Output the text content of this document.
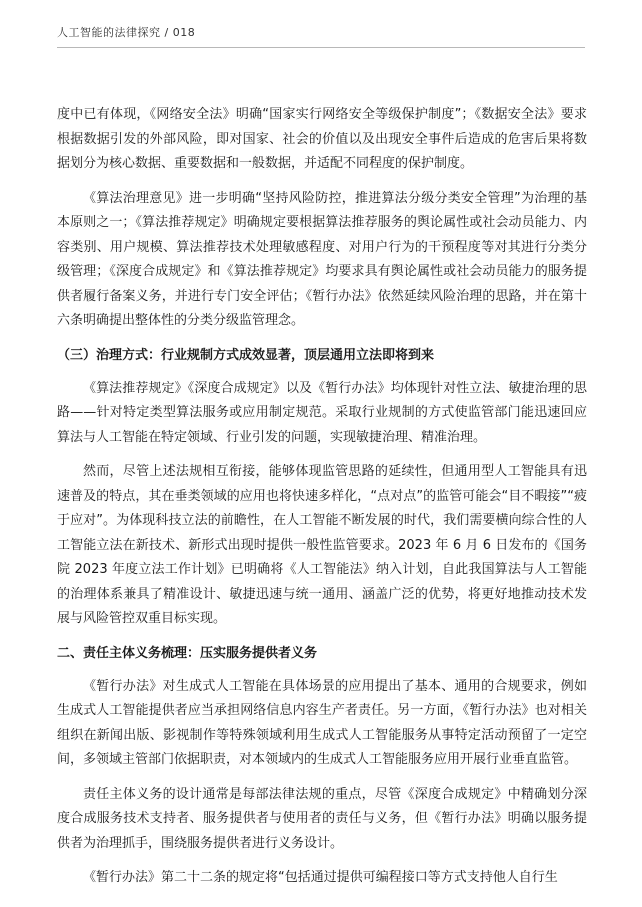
人工智能的法律探究 / 018

度中已有体现，《网络安全法》明确“国家实行网络安全等级保护制度”；《数据安全法》要求根据数据引发的外部风险，即对国家、社会的价值以及出现安全事件后造成的危害后果将数据划分为核心数据、重要数据和一般数据，并适配不同程度的保护制度。

《算法治理意见》进一步明确“坚持风险防控，推进算法分级分类安全管理”为治理的基本原则之一；《算法推荐规定》明确规定要根据算法推荐服务的舆论属性或社会动员能力、内容类别、用户规模、算法推荐技术处理敏感程度、对用户行为的干预程度等对其进行分类分级管理；《深度合成规定》和《算法推荐规定》均要求具有舆论属性或社会动员能力的服务提供者履行备案义务，并进行专门安全评估；《暂行办法》依然延续风险治理的思路，并在第十六条明确提出整体性的分类分级监管理念。

（三）治理方式：行业规制方式成效显著，顶层通用立法即将到来

《算法推荐规定》《深度合成规定》以及《暂行办法》均体现针对性立法、敏捷治理的思路——针对特定类型算法服务或应用制定规范。采取行业规制的方式使监管部门能迅速回应算法与人工智能在特定领域、行业引发的问题，实现敏捷治理、精准治理。

然而，尽管上述法规相互衔接，能够体现监管思路的延续性，但通用型人工智能具有迅速普及的特点，其在垂类领域的应用也将快速多样化，“点对点”的监管可能会“目不暇接”“疲于应对”。为体现科技立法的前瞻性，在人工智能不断发展的时代，我们需要横向综合性的人工智能立法在新技术、新形式出现时提供一般性监管要求。2023 年 6 月 6 日发布的《国务院 2023 年度立法工作计划》已明确将《人工智能法》纳入计划，自此我国算法与人工智能的治理体系兼具了精准设计、敏捷迅速与统一通用、涵盖广泛的优势，将更好地推动技术发展与风险管控双重目标实现。

二、责任主体义务梳理：压实服务提供者义务

《暂行办法》对生成式人工智能在具体场景的应用提出了基本、通用的合规要求，例如生成式人工智能提供者应当承担网络信息内容生产者责任。另一方面，《暂行办法》也对相关组织在新闻出版、影视制作等特殊领域利用生成式人工智能服务从事特定活动预留了一定空间，多领域主管部门依据职责，对本领域内的生成式人工智能服务应用开展行业垂直监管。

责任主体义务的设计通常是每部法律法规的重点，尽管《深度合成规定》中精确划分深度合成服务技术支持者、服务提供者与使用者的责任与义务，但《暂行办法》明确以服务提供者为治理抓手，围绕服务提供者进行义务设计。

《暂行办法》第二十二条的规定将“包括通过提供可编程接口等方式支持他人自行生
